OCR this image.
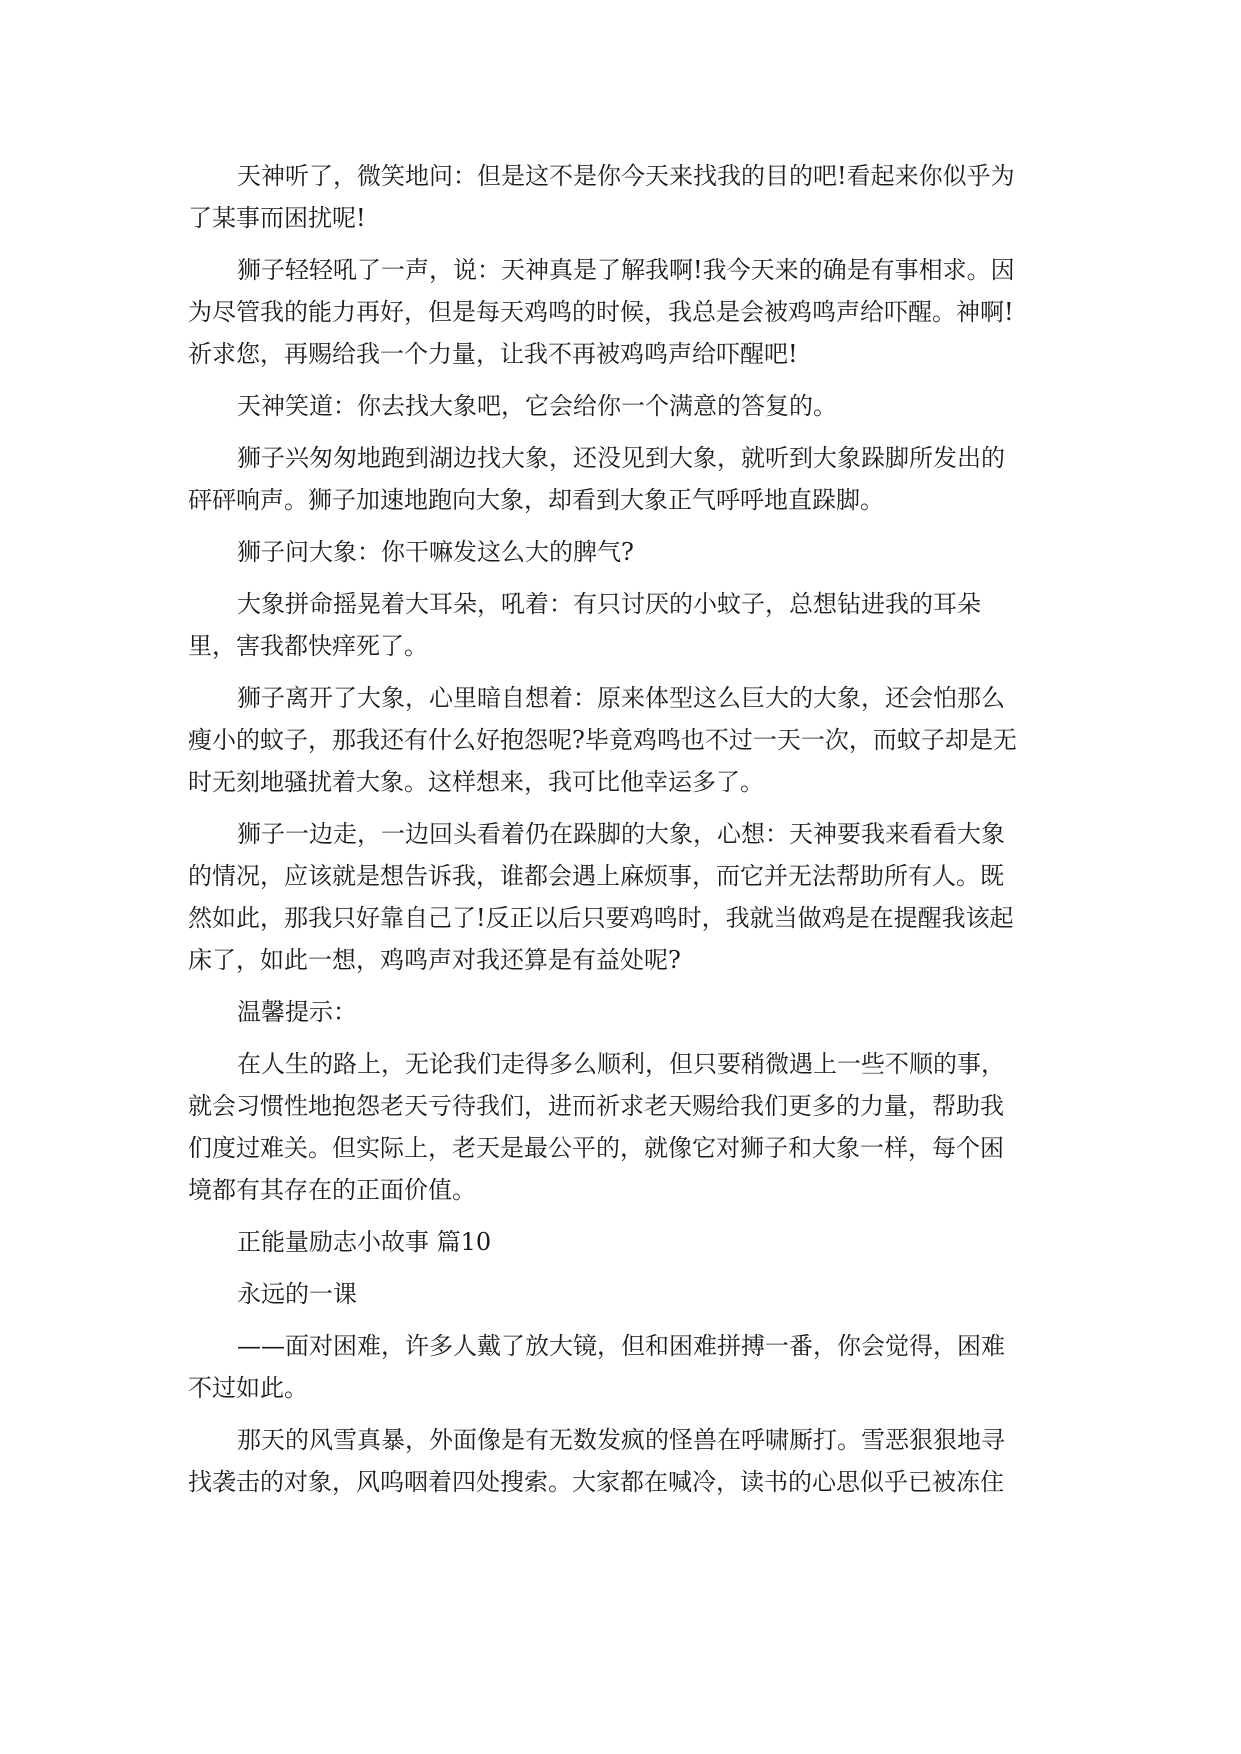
天神听了，微笑地问：但是这不是你今天来找我的目的吧!看起来你似乎为
了某事而困扰呢!
狮子轻轻吼了一声，说：天神真是了解我啊!我今天来的确是有事相求。因
为尽管我的能力再好，但是每天鸡鸣的时候，我总是会被鸡鸣声给吓醒。神啊!
祈求您，再赐给我一个力量，让我不再被鸡鸣声给吓醒吧!
天神笑道：你去找大象吧，它会给你一个满意的答复的。
狮子兴匆匆地跑到湖边找大象，还没见到大象，就听到大象跺脚所发出的
砰砰响声。狮子加速地跑向大象，却看到大象正气呼呼地直跺脚。
狮子问大象：你干嘛发这么大的脾气?
大象拼命摇晃着大耳朵，吼着：有只讨厌的小蚊子，总想钻进我的耳朵
里，害我都快痒死了。
狮子离开了大象，心里暗自想着：原来体型这么巨大的大象，还会怕那么
瘦小的蚊子，那我还有什么好抱怨呢?毕竟鸡鸣也不过一天一次，而蚊子却是无
时无刻地骚扰着大象。这样想来，我可比他幸运多了。
狮子一边走，一边回头看着仍在跺脚的大象，心想：天神要我来看看大象
的情况，应该就是想告诉我，谁都会遇上麻烦事，而它并无法帮助所有人。既
然如此，那我只好靠自己了!反正以后只要鸡鸣时，我就当做鸡是在提醒我该起
床了，如此一想，鸡鸣声对我还算是有益处呢?
温馨提示：
在人生的路上，无论我们走得多么顺利，但只要稍微遇上一些不顺的事，
就会习惯性地抱怨老天亏待我们，进而祈求老天赐给我们更多的力量，帮助我
们度过难关。但实际上，老天是最公平的，就像它对狮子和大象一样，每个困
境都有其存在的正面价值。
正能量励志小故事 篇10
永远的一课
——面对困难，许多人戴了放大镜，但和困难拼搏一番，你会觉得，困难
不过如此。
那天的风雪真暴，外面像是有无数发疯的怪兽在呼啸厮打。雪恶狠狠地寻
找袭击的对象，风呜咽着四处搜索。大家都在喊冷，读书的心思似乎已被冻住
